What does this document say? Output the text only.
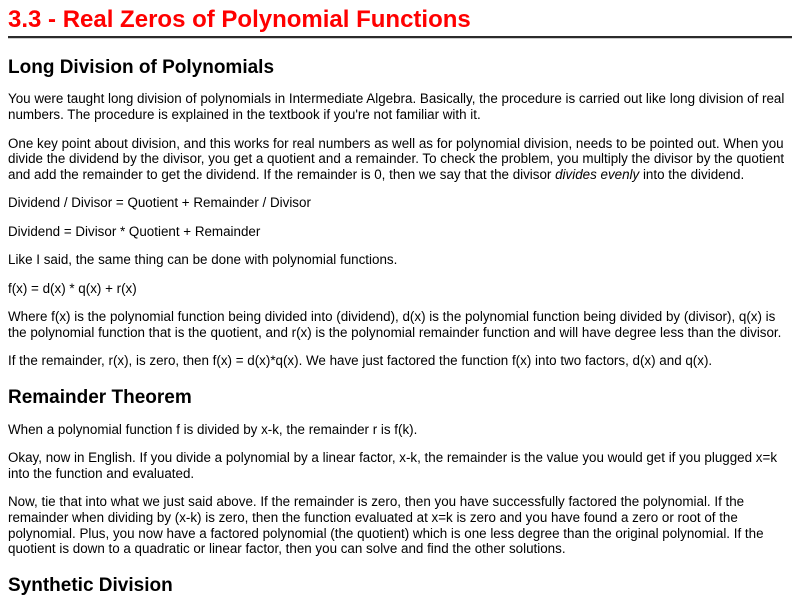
3.3 - Real Zeros of Polynomial Functions
Long Division of Polynomials

You were taught long division of polynomials in Intermediate Algebra. Basically, the procedure is carried out like long division of real numbers. The procedure is explained in the textbook if you're not familiar with it.

One key point about division, and this works for real numbers as well as for polynomial division, needs to be pointed out. When you divide the dividend by the divisor, you get a quotient and a remainder. To check the problem, you multiply the divisor by the quotient and add the remainder to get the dividend. If the remainder is 0, then we say that the divisor divides evenly into the dividend.

Dividend / Divisor = Quotient + Remainder / Divisor

Dividend = Divisor * Quotient + Remainder

Like I said, the same thing can be done with polynomial functions.

f(x) = d(x) * q(x) + r(x)

Where f(x) is the polynomial function being divided into (dividend), d(x) is the polynomial function being divided by (divisor), q(x) is the polynomial function that is the quotient, and r(x) is the polynomial remainder function and will have degree less than the divisor.

If the remainder, r(x), is zero, then f(x) = d(x)*q(x). We have just factored the function f(x) into two factors, d(x) and q(x).

Remainder Theorem

When a polynomial function f is divided by x-k, the remainder r is f(k).

Okay, now in English. If you divide a polynomial by a linear factor, x-k, the remainder is the value you would get if you plugged x=k into the function and evaluated.

Now, tie that into what we just said above. If the remainder is zero, then you have successfully factored the polynomial. If the remainder when dividing by (x-k) is zero, then the function evaluated at x=k is zero and you have found a zero or root of the polynomial. Plus, you now have a factored polynomial (the quotient) which is one less degree than the original polynomial. If the quotient is down to a quadratic or linear factor, then you can solve and find the other solutions.

Synthetic Division
